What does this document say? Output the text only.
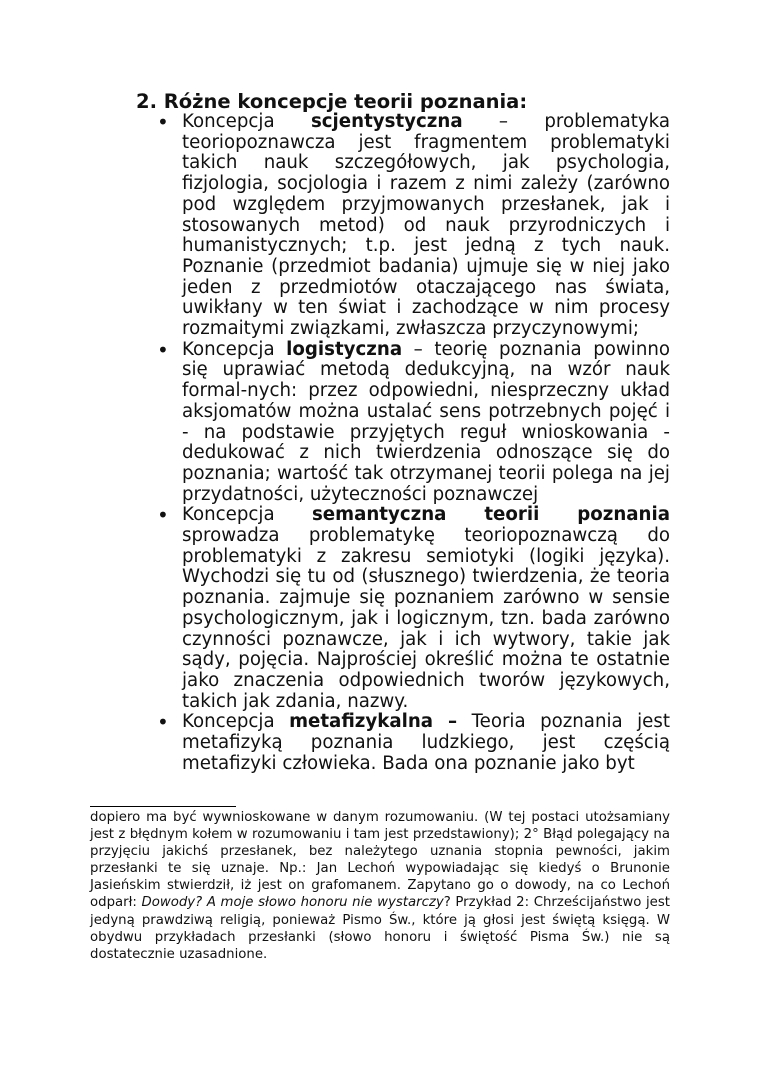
2. Różne koncepcje teorii poznania:
• Koncepcja scjentystyczna – problematyka teoriopoznawcza jest fragmentem problematyki takich nauk szczegółowych, jak psychologia, fizjologia, socjologia i razem z nimi zależy (zarówno pod względem przyjmowanych przesłanek, jak i stosowanych metod) od nauk przyrodniczych i humanistycznych; t.p. jest jedną z tych nauk. Poznanie (przedmiot badania) ujmuje się w niej jako jeden z przedmiotów otaczającego nas świata, uwikłany w ten świat i zachodzące w nim procesy rozmaitymi związkami, zwłaszcza przyczynowymi;
• Koncepcja logistyczna – teorię poznania powinno się uprawiać metodą dedukcyjną, na wzór nauk formal-nych: przez odpowiedni, niesprzeczny układ aksjomatów można ustalać sens potrzebnych pojęć i - na podstawie przyjętych reguł wnioskowania - dedukować z nich twierdzenia odnoszące się do poznania; wartość tak otrzymanej teorii polega na jej przydatności, użyteczności poznawczej
• Koncepcja semantyczna teorii poznania sprowadza problematykę teoriopoznawczą do problematyki z zakresu semiotyki (logiki języka). Wychodzi się tu od (słusznego) twierdzenia, że teoria poznania. zajmuje się poznaniem zarówno w sensie psychologicznym, jak i logicznym, tzn. bada zarówno czynności poznawcze, jak i ich wytwory, takie jak sądy, pojęcia. Najprościej określić można te ostatnie jako znaczenia odpowiednich tworów językowych, takich jak zdania, nazwy.
• Koncepcja metafizykalna – Teoria poznania jest metafizyką poznania ludzkiego, jest częścią metafizyki człowieka. Bada ona poznanie jako byt

dopiero ma być wywnioskowane w danym rozumowaniu. (W tej postaci utożsamiany jest z błędnym kołem w rozumowaniu i tam jest przedstawiony); 2° Błąd polegający na przyjęciu jakichś przesłanek, bez należytego uznania stopnia pewności, jakim przesłanki te się uznaje. Np.: Jan Lechoń wypowiadając się kiedyś o Brunonie Jasieńskim stwierdził, iż jest on grafomanem. Zapytano go o dowody, na co Lechoń odparł: Dowody? A moje słowo honoru nie wystarczy? Przykład 2: Chrześcijaństwo jest jedyną prawdziwą religią, ponieważ Pismo Św., które ją głosi jest świętą księgą. W obydwu przykładach przesłanki (słowo honoru i świętość Pisma Św.) nie są dostatecznie uzasadnione.
